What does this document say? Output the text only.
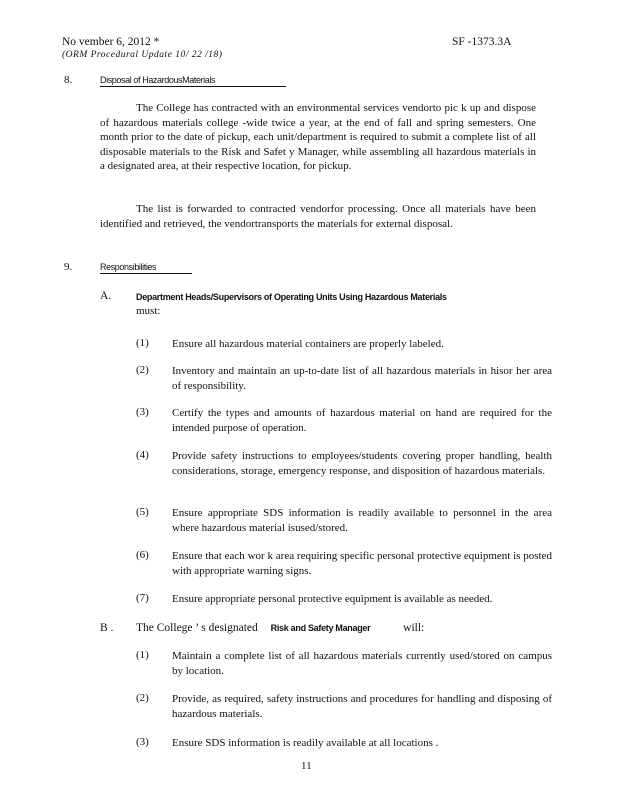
No vember 6, 2012 *	SF -1373.3A
(ORM Procedural Update 10/ 22 /18)
8.	Disposal of HazardousMaterials
The College has contracted with an environmental services vendorto pic k up and dispose of hazardous materials college -wide twice a year, at the end of fall and spring semesters. One month prior to the date of pickup, each unit/department is required to submit a complete list of all disposable materials to the Risk and Safet y Manager, while assembling all hazardous materials in a designated area, at their respective location, for pickup.
The list is forwarded to contracted vendorfor processing. Once all materials have been identified and retrieved, the vendortransports the materials for external disposal.
9.	Responsibilities
A.	Department Heads/Supervisors of Operating Units Using Hazardous Materials
must:
(1) Ensure all hazardous material containers are properly labeled.
(2) Inventory and maintain an up-to-date list of all hazardous materials in hisor her area of responsibility.
(3) Certify the types and amounts of hazardous material on hand are required for the intended purpose of operation.
(4) Provide safety instructions to employees/students covering proper handling, health considerations, storage, emergency response, and disposition of hazardous materials.
(5) Ensure appropriate SDS information is readily available to personnel in the area where hazardous material isused/stored.
(6) Ensure that each wor k area requiring specific personal protective equipment is posted with appropriate warning signs.
(7) Ensure appropriate personal protective equipment is available as needed.
B . The College ’ s designated Risk and Safety Manager	will:
(1) Maintain a complete list of all hazardous materials currently used/stored on campus by location.
(2) Provide, as required, safety instructions and procedures for handling and disposing of hazardous materials.
(3) Ensure SDS information is readily available at all locations .
11
